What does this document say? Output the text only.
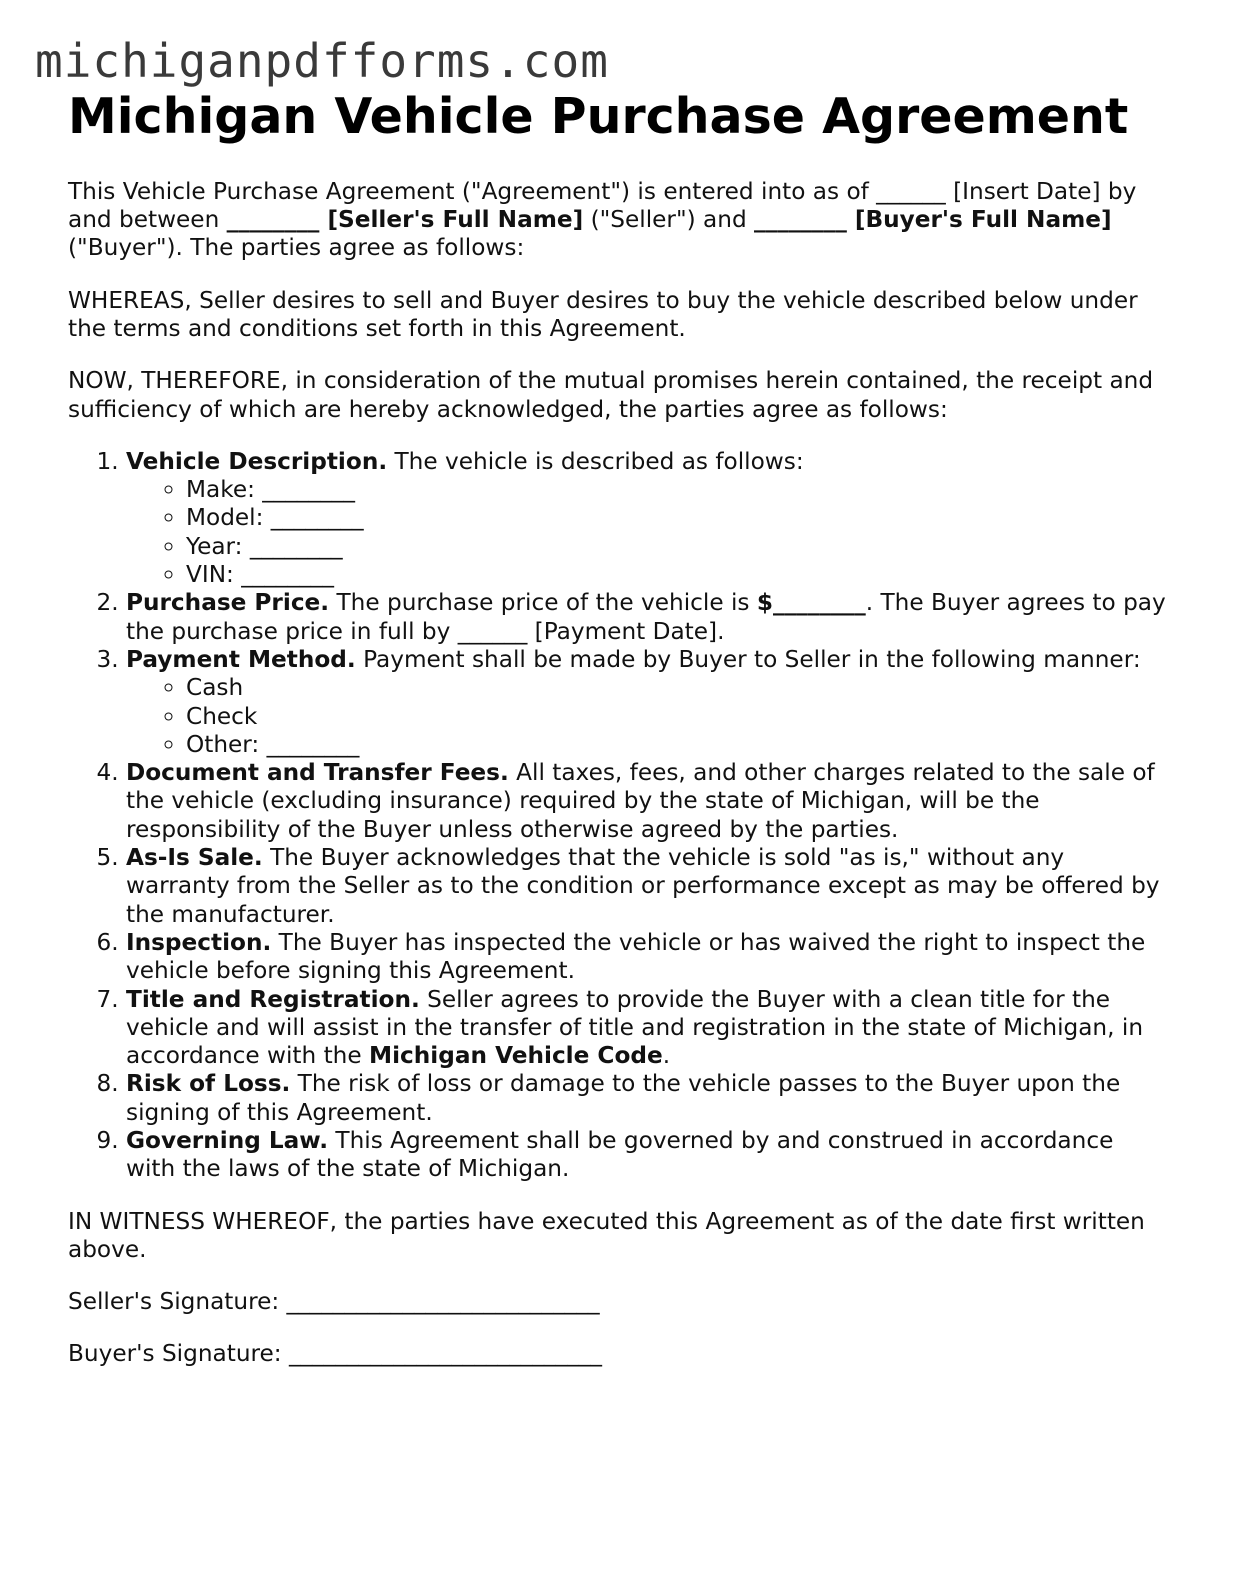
michiganpdfforms.com
Michigan Vehicle Purchase Agreement

This Vehicle Purchase Agreement ("Agreement") is entered into as of ______ [Insert Date] by and between ________ [Seller's Full Name] ("Seller") and ________ [Buyer's Full Name] ("Buyer"). The parties agree as follows:

WHEREAS, Seller desires to sell and Buyer desires to buy the vehicle described below under the terms and conditions set forth in this Agreement.

NOW, THEREFORE, in consideration of the mutual promises herein contained, the receipt and sufficiency of which are hereby acknowledged, the parties agree as follows:

1. Vehicle Description. The vehicle is described as follows:
◦ Make: ________
◦ Model: ________
◦ Year: ________
◦ VIN: ________
2. Purchase Price. The purchase price of the vehicle is $________. The Buyer agrees to pay the purchase price in full by ______ [Payment Date].
3. Payment Method. Payment shall be made by Buyer to Seller in the following manner:
◦ Cash
◦ Check
◦ Other: ________
4. Document and Transfer Fees. All taxes, fees, and other charges related to the sale of the vehicle (excluding insurance) required by the state of Michigan, will be the responsibility of the Buyer unless otherwise agreed by the parties.
5. As-Is Sale. The Buyer acknowledges that the vehicle is sold "as is," without any warranty from the Seller as to the condition or performance except as may be offered by the manufacturer.
6. Inspection. The Buyer has inspected the vehicle or has waived the right to inspect the vehicle before signing this Agreement.
7. Title and Registration. Seller agrees to provide the Buyer with a clean title for the vehicle and will assist in the transfer of title and registration in the state of Michigan, in accordance with the Michigan Vehicle Code.
8. Risk of Loss. The risk of loss or damage to the vehicle passes to the Buyer upon the signing of this Agreement.
9. Governing Law. This Agreement shall be governed by and construed in accordance with the laws of the state of Michigan.

IN WITNESS WHEREOF, the parties have executed this Agreement as of the date first written above.

Seller's Signature: ___________________________

Buyer's Signature: ___________________________
